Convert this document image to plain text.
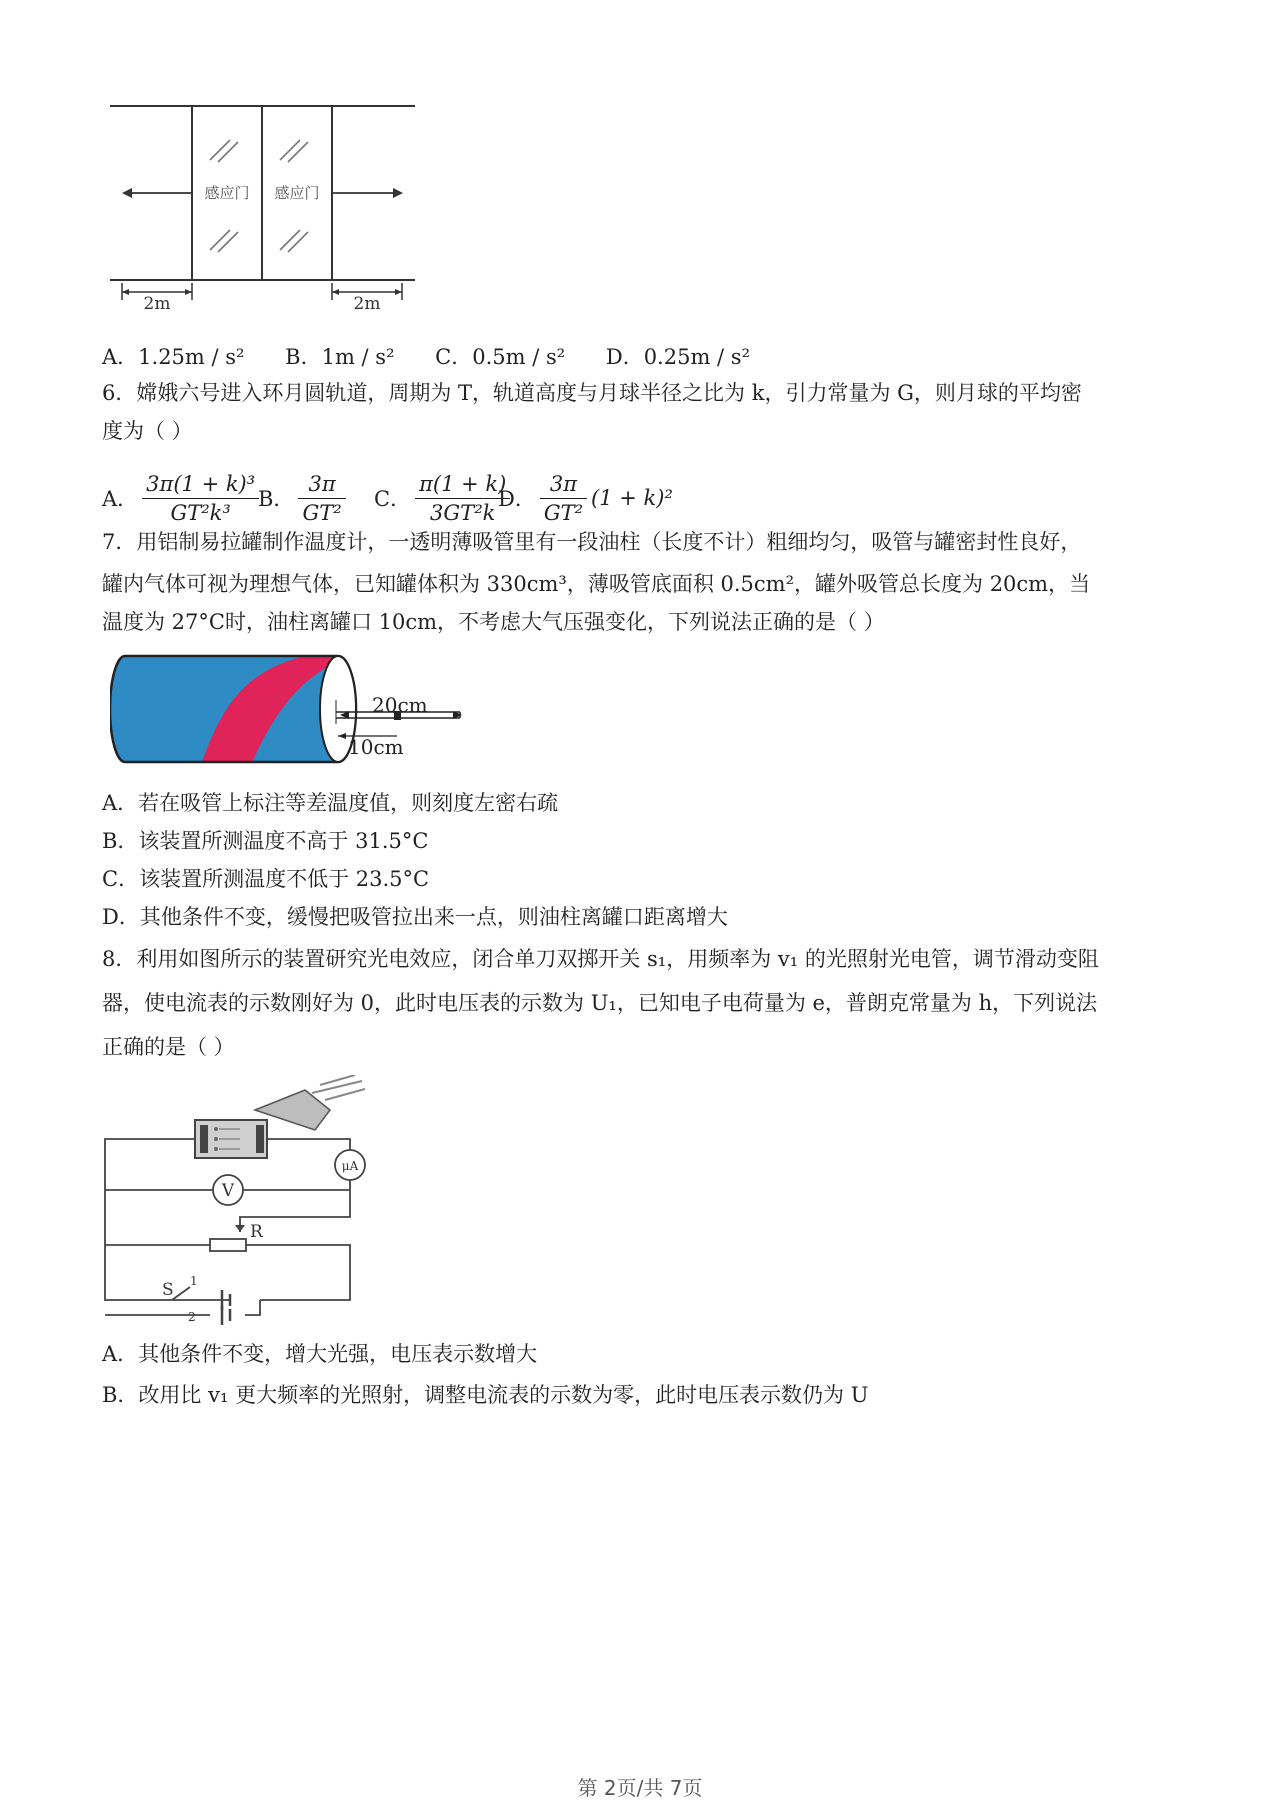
感应门 感应门
2m	2m
A．1.25m / s² B．1m / s² C．0.5m / s² D．0.25m / s²
6．嫦娥六号进入环月圆轨道，周期为 T，轨道高度与月球半径之比为 k，引力常量为 G，则月球的平均密
度为（ ）
A． $\frac{\text{3π(1 + k)³}}{\text{GT²k³}}$
B． $\frac{3\pi}{\text{GT²}}$ C． $\frac{\pi(1 + k)}{\text{3GT²k}}$
D． $\frac{3\pi}{\text{GT²}} (1 + k)^2$
7．用铝制易拉罐制作温度计，一透明薄吸管里有一段油柱（长度不计）粗细均匀，吸管与罐密封性良好，
罐内气体可视为理想气体，已知罐体积为 330cm³，薄吸管底面积 0.5cm²，罐外吸管总长度为 20cm，当
温度为 27°C时，油柱离罐口 10cm，不考虑大气压强变化，下列说法正确的是（ ）
20cm
10cm
A．若在吸管上标注等差温度值，则刻度左密右疏
B．该装置所测温度不高于 31.5°C
C．该装置所测温度不低于 23.5°C
D．其他条件不变，缓慢把吸管拉出来一点，则油柱离罐口距离增大
8．利用如图所示的装置研究光电效应，闭合单刀双掷开关 s₁，用频率为 v₁ 的光照射光电管，调节滑动变阻
器，使电流表的示数刚好为 0，此时电压表的示数为 U₁，已知电子电荷量为 e，普朗克常量为 h，下列说法
正确的是（ ）
μA
V
R
S 1
2
A．其他条件不变，增大光强，电压表示数增大
B．改用比 v₁ 更大频率的光照射，调整电流表的示数为零，此时电压表示数仍为 U
第 2页/共 7页
